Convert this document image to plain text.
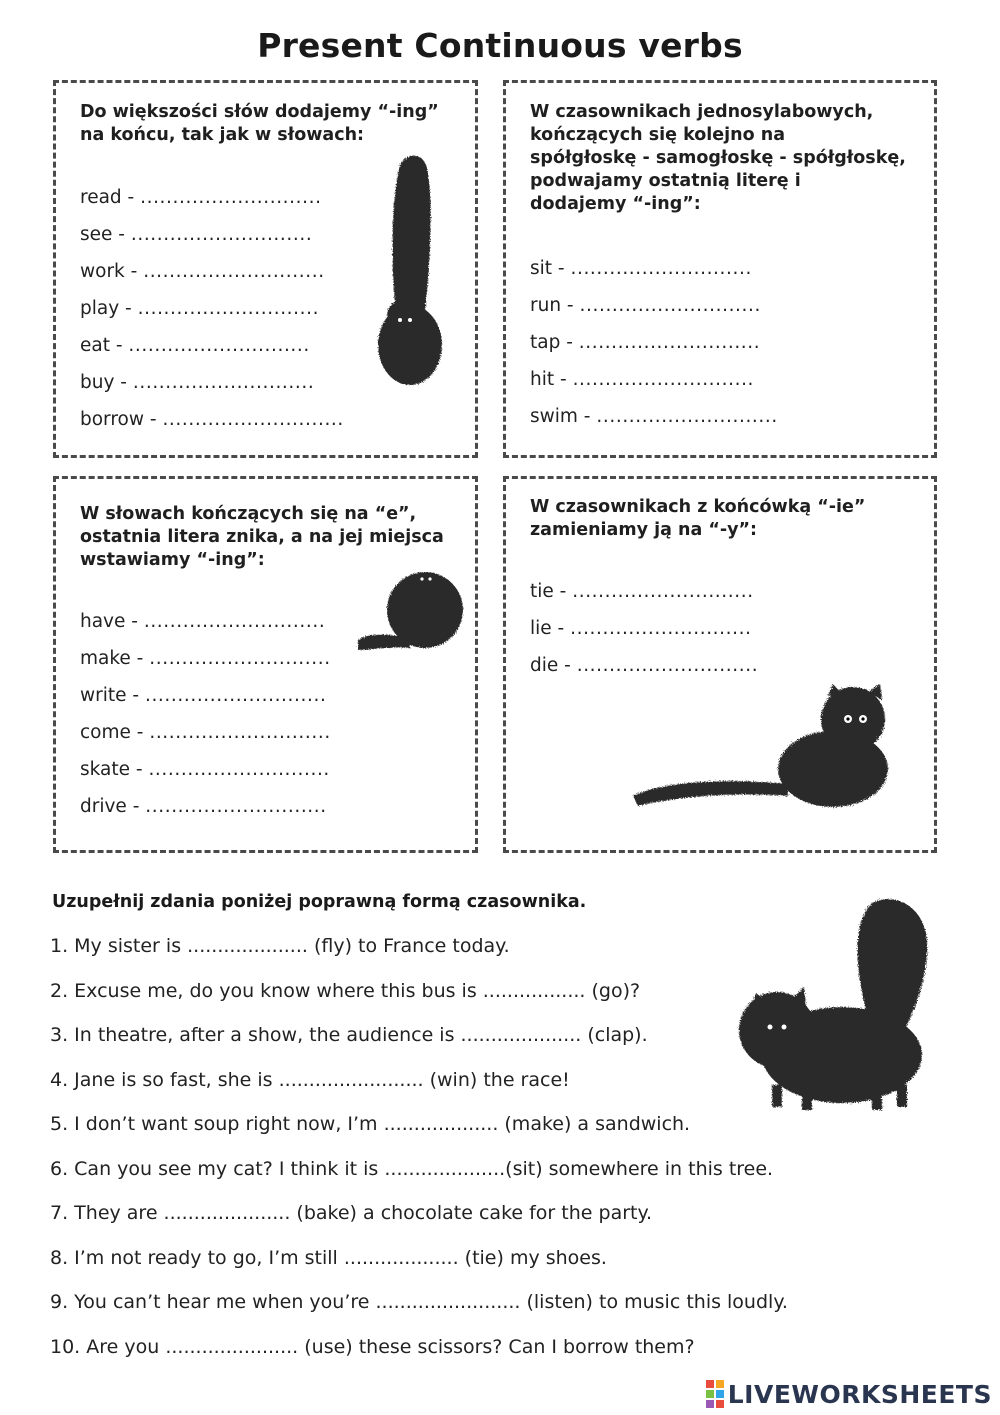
Present Continuous verbs
Do większości słów dodajemy “-ing”
na końcu, tak jak w słowach:
read - ............................
see - ............................
work - ............................
play - ............................
eat - ............................
buy - ............................
borrow - ............................
W czasownikach jednosylabowych,
kończących się kolejno na
spółgłoskę - samogłoskę - spółgłoskę,
podwajamy ostatnią literę i
dodajemy “-ing”:
sit - ............................
run - ............................
tap - ............................
hit - ............................
swim - ............................
W słowach kończących się na “e”,
ostatnia litera znika, a na jej miejsca
wstawiamy “-ing”:
have - ............................
make - ............................
write - ............................
come - ............................
skate - ............................
drive - ............................
W czasownikach z końcówką “-ie”
zamieniamy ją na “-y”:
tie - ............................
lie - ............................
die - ............................
Uzupełnij zdania poniżej poprawną formą czasownika.
1. My sister is .................... (fly) to France today.
2. Excuse me, do you know where this bus is ................. (go)?
3. In theatre, after a show, the audience is .................... (clap).
4. Jane is so fast, she is ........................ (win) the race!
5. I don’t want soup right now, I’m ................... (make) a sandwich.
6. Can you see my cat? I think it is ....................(sit) somewhere in this tree.
7. They are ..................... (bake) a chocolate cake for the party.
8. I’m not ready to go, I’m still ................... (tie) my shoes.
9. You can’t hear me when you’re ........................ (listen) to music this loudly.
10. Are you ...................... (use) these scissors? Can I borrow them?
LIVEWORKSHEETS
